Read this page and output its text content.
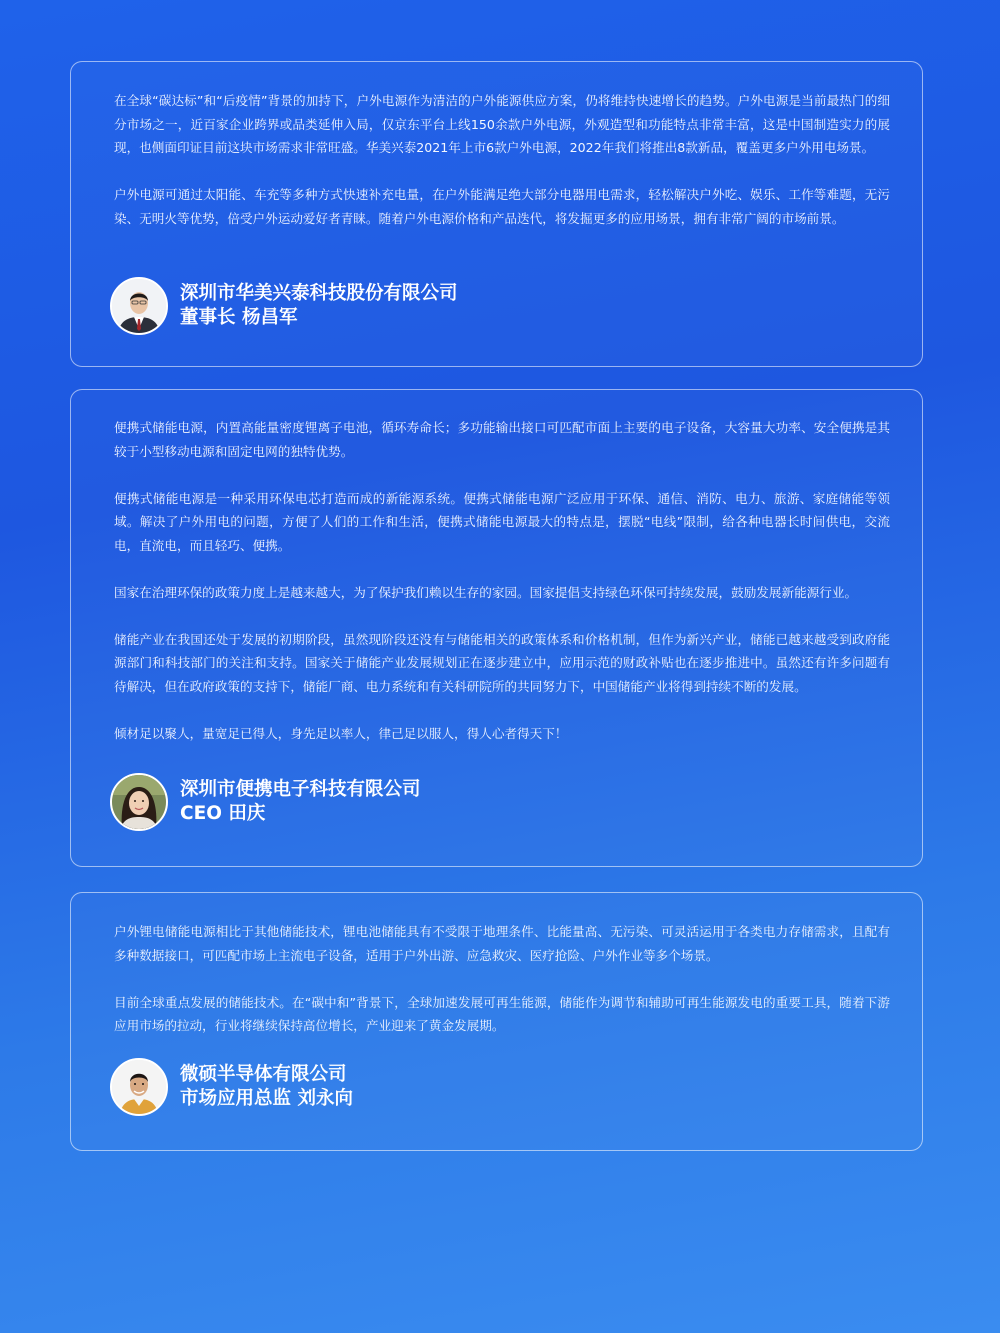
在全球“碳达标”和“后疫情”背景的加持下，户外电源作为清洁的户外能源供应方案，仍将维持快速增长的趋势。户外电源是当前最热门的细分市场之一，近百家企业跨界或品类延伸入局，仅京东平台上线150余款户外电源，外观造型和功能特点非常丰富，这是中国制造实力的展现，也侧面印证目前这块市场需求非常旺盛。华美兴泰2021年上市6款户外电源，2022年我们将推出8款新品，覆盖更多户外用电场景。

户外电源可通过太阳能、车充等多种方式快速补充电量，在户外能满足绝大部分电器用电需求，轻松解决户外吃、娱乐、工作等难题，无污染、无明火等优势，倍受户外运动爱好者青睐。随着户外电源价格和产品迭代，将发掘更多的应用场景，拥有非常广阔的市场前景。

深圳市华美兴泰科技股份有限公司
董事长 杨昌军

便携式储能电源，内置高能量密度锂离子电池，循环寿命长；多功能输出接口可匹配市面上主要的电子设备，大容量大功率、安全便携是其较于小型移动电源和固定电网的独特优势。

便携式储能电源是一种采用环保电芯打造而成的新能源系统。便携式储能电源广泛应用于环保、通信、消防、电力、旅游、家庭储能等领域。解决了户外用电的问题，方便了人们的工作和生活，便携式储能电源最大的特点是，摆脱“电线”限制，给各种电器长时间供电，交流电，直流电，而且轻巧、便携。

国家在治理环保的政策力度上是越来越大，为了保护我们赖以生存的家园。国家提倡支持绿色环保可持续发展，鼓励发展新能源行业。

储能产业在我国还处于发展的初期阶段，虽然现阶段还没有与储能相关的政策体系和价格机制，但作为新兴产业，储能已越来越受到政府能源部门和科技部门的关注和支持。国家关于储能产业发展规划正在逐步建立中，应用示范的财政补贴也在逐步推进中。虽然还有许多问题有待解决，但在政府政策的支持下，储能厂商、电力系统和有关科研院所的共同努力下，中国储能产业将得到持续不断的发展。

倾材足以聚人，量宽足已得人，身先足以率人，律己足以服人，得人心者得天下！

深圳市便携电子科技有限公司
CEO 田庆

户外锂电储能电源相比于其他储能技术，锂电池储能具有不受限于地理条件、比能量高、无污染、可灵活运用于各类电力存储需求，且配有多种数据接口，可匹配市场上主流电子设备，适用于户外出游、应急救灾、医疗抢险、户外作业等多个场景。

目前全球重点发展的储能技术。在“碳中和”背景下，全球加速发展可再生能源，储能作为调节和辅助可再生能源发电的重要工具，随着下游应用市场的拉动，行业将继续保持高位增长，产业迎来了黄金发展期。

微硕半导体有限公司
市场应用总监 刘永向
